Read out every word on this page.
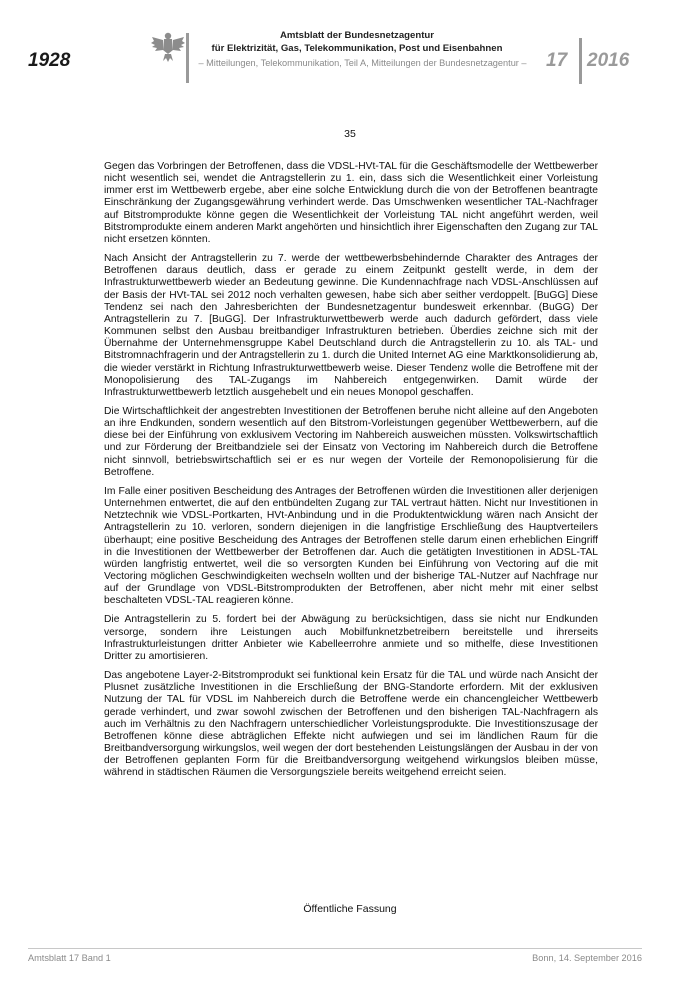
1928
Amtsblatt der Bundesnetzagentur
für Elektrizität, Gas, Telekommunikation, Post und Eisenbahnen
– Mitteilungen, Telekommunikation, Teil A, Mitteilungen der Bundesnetzagentur –	17 2016
35

Gegen das Vorbringen der Betroffenen, dass die VDSL-HVt-TAL für die Geschäftsmodelle der Wettbewerber nicht wesentlich sei, wendet die Antragstellerin zu 1. ein, dass sich die Wesentlichkeit einer Vorleistung immer erst im Wettbewerb ergebe, aber eine solche Entwicklung durch die von der Betroffenen beantragte Einschränkung der Zugangsgewährung verhindert werde. Das Umschwenken wesentlicher TAL-Nachfrager auf Bitstromprodukte könne gegen die Wesentlichkeit der Vorleistung TAL nicht angeführt werden, weil Bitstromprodukte einem anderen Markt angehörten und hinsichtlich ihrer Eigenschaften den Zugang zur TAL nicht ersetzen könnten.

Nach Ansicht der Antragstellerin zu 7. werde der wettbewerbsbehindernde Charakter des Antrages der Betroffenen daraus deutlich, dass er gerade zu einem Zeitpunkt gestellt werde, in dem der Infrastrukturwettbewerb wieder an Bedeutung gewinne. Die Kundennachfrage nach VDSL-Anschlüssen auf der Basis der HVt-TAL sei 2012 noch verhalten gewesen, habe sich aber seither verdoppelt. [BuGG] Diese Tendenz sei nach den Jahresberichten der Bundesnetzagentur bundesweit erkennbar. (BuGG) Der Antragstellerin zu 7. [BuGG]. Der Infrastrukturwettbewerb werde auch dadurch gefördert, dass viele Kommunen selbst den Ausbau breitbandiger Infrastrukturen betrieben. Überdies zeichne sich mit der Übernahme der Unternehmensgruppe Kabel Deutschland durch die Antragstellerin zu 10. als TAL- und Bitstromnachfragerin und der Antragstellerin zu 1. durch die United Internet AG eine Marktkonsolidierung ab, die wieder verstärkt in Richtung Infrastrukturwettbewerb weise. Dieser Tendenz wolle die Betroffene mit der Monopolisierung des TAL-Zugangs im Nahbereich entgegenwirken. Damit würde der Infrastrukturwettbewerb letztlich ausgehebelt und ein neues Monopol geschaffen.

Die Wirtschaftlichkeit der angestrebten Investitionen der Betroffenen beruhe nicht alleine auf den Angeboten an ihre Endkunden, sondern wesentlich auf den Bitstrom-Vorleistungen gegenüber Wettbewerbern, auf die diese bei der Einführung von exklusivem Vectoring im Nahbereich ausweichen müssten. Volkswirtschaftlich und zur Förderung der Breitbandziele sei der Einsatz von Vectoring im Nahbereich durch die Betroffene nicht sinnvoll, betriebswirtschaftlich sei er es nur wegen der Vorteile der Remonopolisierung für die Betroffene.

Im Falle einer positiven Bescheidung des Antrages der Betroffenen würden die Investitionen aller derjenigen Unternehmen entwertet, die auf den entbündelten Zugang zur TAL vertraut hätten. Nicht nur Investitionen in Netztechnik wie VDSL-Portkarten, HVt-Anbindung und in die Produktentwicklung wären nach Ansicht der Antragstellerin zu 10. verloren, sondern diejenigen in die langfristige Erschließung des Hauptverteilers überhaupt; eine positive Bescheidung des Antrages der Betroffenen stelle darum einen erheblichen Eingriff in die Investitionen der Wettbewerber der Betroffenen dar. Auch die getätigten Investitionen in ADSL-TAL würden langfristig entwertet, weil die so versorgten Kunden bei Einführung von Vectoring auf die mit Vectoring möglichen Geschwindigkeiten wechseln wollten und der bisherige TAL-Nutzer auf Nachfrage nur auf der Grundlage von VDSL-Bitstromprodukten der Betroffenen, aber nicht mehr mit einer selbst beschalteten VDSL-TAL reagieren könne.

Die Antragstellerin zu 5. fordert bei der Abwägung zu berücksichtigen, dass sie nicht nur Endkunden versorge, sondern ihre Leistungen auch Mobilfunknetzbetreibern bereitstelle und ihrerseits Infrastrukturleistungen dritter Anbieter wie Kabelleerrohre anmiete und so mithelfe, diese Investitionen Dritter zu amortisieren.

Das angebotene Layer-2-Bitstromprodukt sei funktional kein Ersatz für die TAL und würde nach Ansicht der Plusnet zusätzliche Investitionen in die Erschließung der BNG-Standorte erfordern. Mit der exklusiven Nutzung der TAL für VDSL im Nahbereich durch die Betroffene werde ein chancengleicher Wettbewerb gerade verhindert, und zwar sowohl zwischen der Betroffenen und den bisherigen TAL-Nachfragern als auch im Verhältnis zu den Nachfragern unterschiedlicher Vorleistungsprodukte. Die Investitionszusage der Betroffenen könne diese abträglichen Effekte nicht aufwiegen und sei im ländlichen Raum für die Breitbandversorgung wirkungslos, weil wegen der dort bestehenden Leistungslängen der Ausbau in der von der Betroffenen geplanten Form für die Breitbandversorgung weitgehend wirkungslos bleiben müsse, während in städtischen Räumen die Versorgungsziele bereits weitgehend erreicht seien.

Öffentliche Fassung
Amtsblatt 17 Band 1	Bonn, 14. September 2016
